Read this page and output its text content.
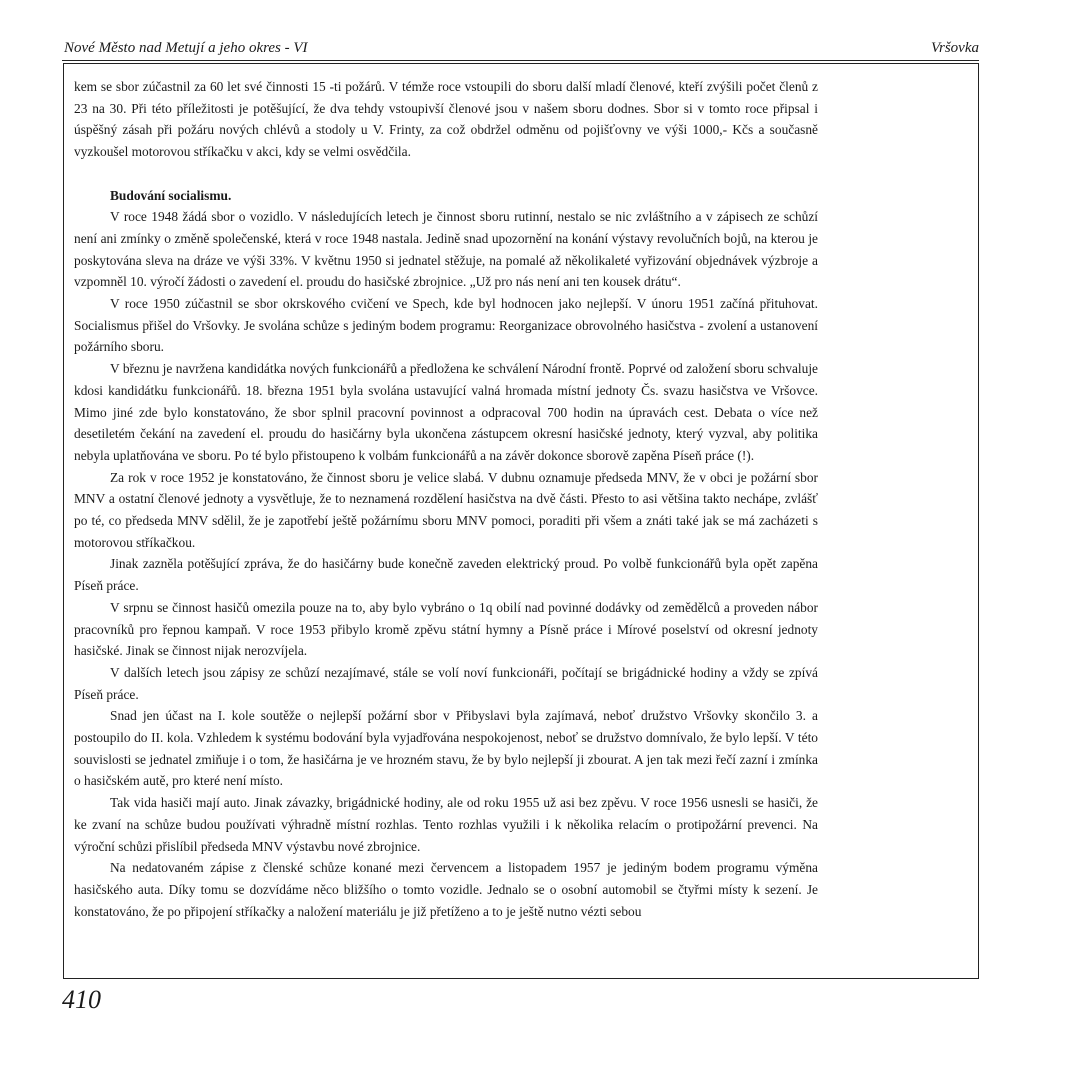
Nové Město nad Metují a jeho okres - VI	Vršovka

kem se sbor zúčastnil za 60 let své činnosti 15 -ti požárů. V témže roce vstoupili do sboru další mladí členové, kteří zvýšili počet členů z 23 na 30. Při této příležitosti je potěšující, že dva tehdy vstoupivší členové jsou v našem sboru dodnes. Sbor si v tomto roce připsal i úspěšný zásah při požáru nových chlévů a stodoly u V. Frinty, za což obdržel odměnu od pojišťovny ve výši 1000,- Kčs a současně vyzkoušel motorovou stříkačku v akci, kdy se velmi osvědčila.

Budování socialismu.

V roce 1948 žádá sbor o vozidlo. V následujících letech je činnost sboru rutinní, nestalo se nic zvláštního a v zápisech ze schůzí není ani zmínky o změně společenské, která v roce 1948 nastala. Jedině snad upozornění na konání výstavy revolučních bojů, na kterou je poskytována sleva na dráze ve výši 33%. V květnu 1950 si jednatel stěžuje, na pomalé až několikaleté vyřizování objednávek výzbroje a vzpomněl 10. výročí žádosti o zavedení el. proudu do hasičské zbrojnice. „Už pro nás není ani ten kousek drátu“.

V roce 1950 zúčastnil se sbor okrskového cvičení ve Spech, kde byl hodnocen jako nejlepší. V únoru 1951 začíná přituhovat. Socialismus přišel do Vršovky. Je svolána schůze s jediným bodem programu: Reorganizace obrovolného hasičstva - zvolení a ustanovení požárního sboru.

V březnu je navržena kandidátka nových funkcionářů a předložena ke schválení Národní frontě. Poprvé od založení sboru schvaluje kdosi kandidátku funkcionářů. 18. března 1951 byla svolána ustavující valná hromada místní jednoty Čs. svazu hasičstva ve Vršovce. Mimo jiné zde bylo konstatováno, že sbor splnil pracovní povinnost a odpracoval 700 hodin na úpravách cest. Debata o více než desetiletém čekání na zavedení el. proudu do hasičárny byla ukončena zástupcem okresní hasičské jednoty, který vyzval, aby politika nebyla uplatňována ve sboru. Po té bylo přistoupeno k volbám funkcionářů a na závěr dokonce sborově zapěna Píseň práce (!).

Za rok v roce 1952 je konstatováno, že činnost sboru je velice slabá. V dubnu oznamuje předseda MNV, že v obci je požární sbor MNV a ostatní členové jednoty a vysvětluje, že to neznamená rozdělení hasičstva na dvě části. Přesto to asi většina takto nechápe, zvlášť po té, co předseda MNV sdělil, že je zapotřebí ještě požárnímu sboru MNV pomoci, poraditi při všem a znáti také jak se má zacházeti s motorovou stříkačkou.

Jinak zazněla potěšující zpráva, že do hasičárny bude konečně zaveden elektrický proud. Po volbě funkcionářů byla opět zapěna Píseň práce.

V srpnu se činnost hasičů omezila pouze na to, aby bylo vybráno o 1q obilí nad povinné dodávky od zemědělců a proveden nábor pracovníků pro řepnou kampaň. V roce 1953 přibylo kromě zpěvu státní hymny a Písně práce i Mírové poselství od okresní jednoty hasičské. Jinak se činnost nijak nerozvíjela.

V dalších letech jsou zápisy ze schůzí nezajímavé, stále se volí noví funkcionáři, počítají se brigádnické hodiny a vždy se zpívá Píseň práce.

Snad jen účast na I. kole soutěže o nejlepší požární sbor v Přibyslavi byla zajímavá, neboť družstvo Vršovky skončilo 3. a postoupilo do II. kola. Vzhledem k systému bodování byla vyjadřována nespokojenost, neboť se družstvo domnívalo, že bylo lepší. V této souvislosti se jednatel zmiňuje i o tom, že hasičárna je ve hrozném stavu, že by bylo nejlepší ji zbourat. A jen tak mezi řečí zazní i zmínka o hasičském autě, pro které není místo.

Tak vida hasiči mají auto. Jinak závazky, brigádnické hodiny, ale od roku 1955 už asi bez zpěvu. V roce 1956 usnesli se hasiči, že ke zvaní na schůze budou používati výhradně místní rozhlas. Tento rozhlas využili i k několika relacím o protipožární prevenci. Na výroční schůzi přislíbil předseda MNV výstavbu nové zbrojnice.

Na nedatovaném zápise z členské schůze konané mezi červencem a listopadem 1957 je jediným bodem programu výměna hasičského auta. Díky tomu se dozvídáme něco bližšího o tomto vozidle. Jednalo se o osobní automobil se čtyřmi místy k sezení. Je konstatováno, že po připojení stříkačky a naložení materiálu je již přetíženo a to je ještě nutno vézti sebou

410
